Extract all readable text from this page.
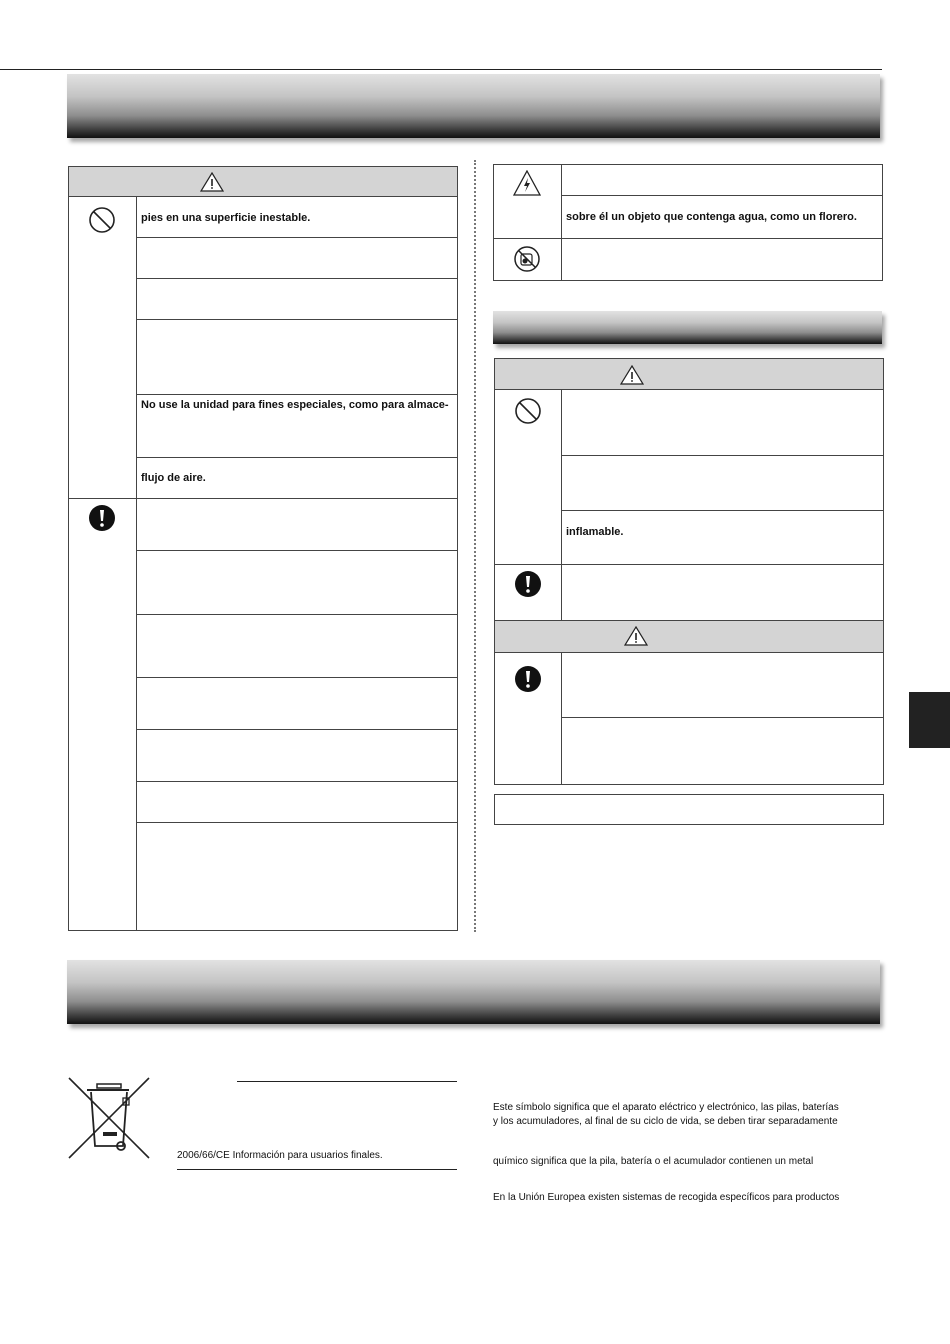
pies en una superficie inestable.
No use la unidad para fines especiales, como para almace-
flujo de aire.
sobre él un objeto que contenga agua, como un florero.
inflamable.
2006/66/CE Información para usuarios finales.
Este símbolo significa que el aparato eléctrico y electrónico, las pilas, baterías
y los acumuladores, al final de su ciclo de vida, se deben tirar separadamente
químico significa que la pila, batería o el acumulador contienen un metal
En la Unión Europea existen sistemas de recogida específicos para productos
